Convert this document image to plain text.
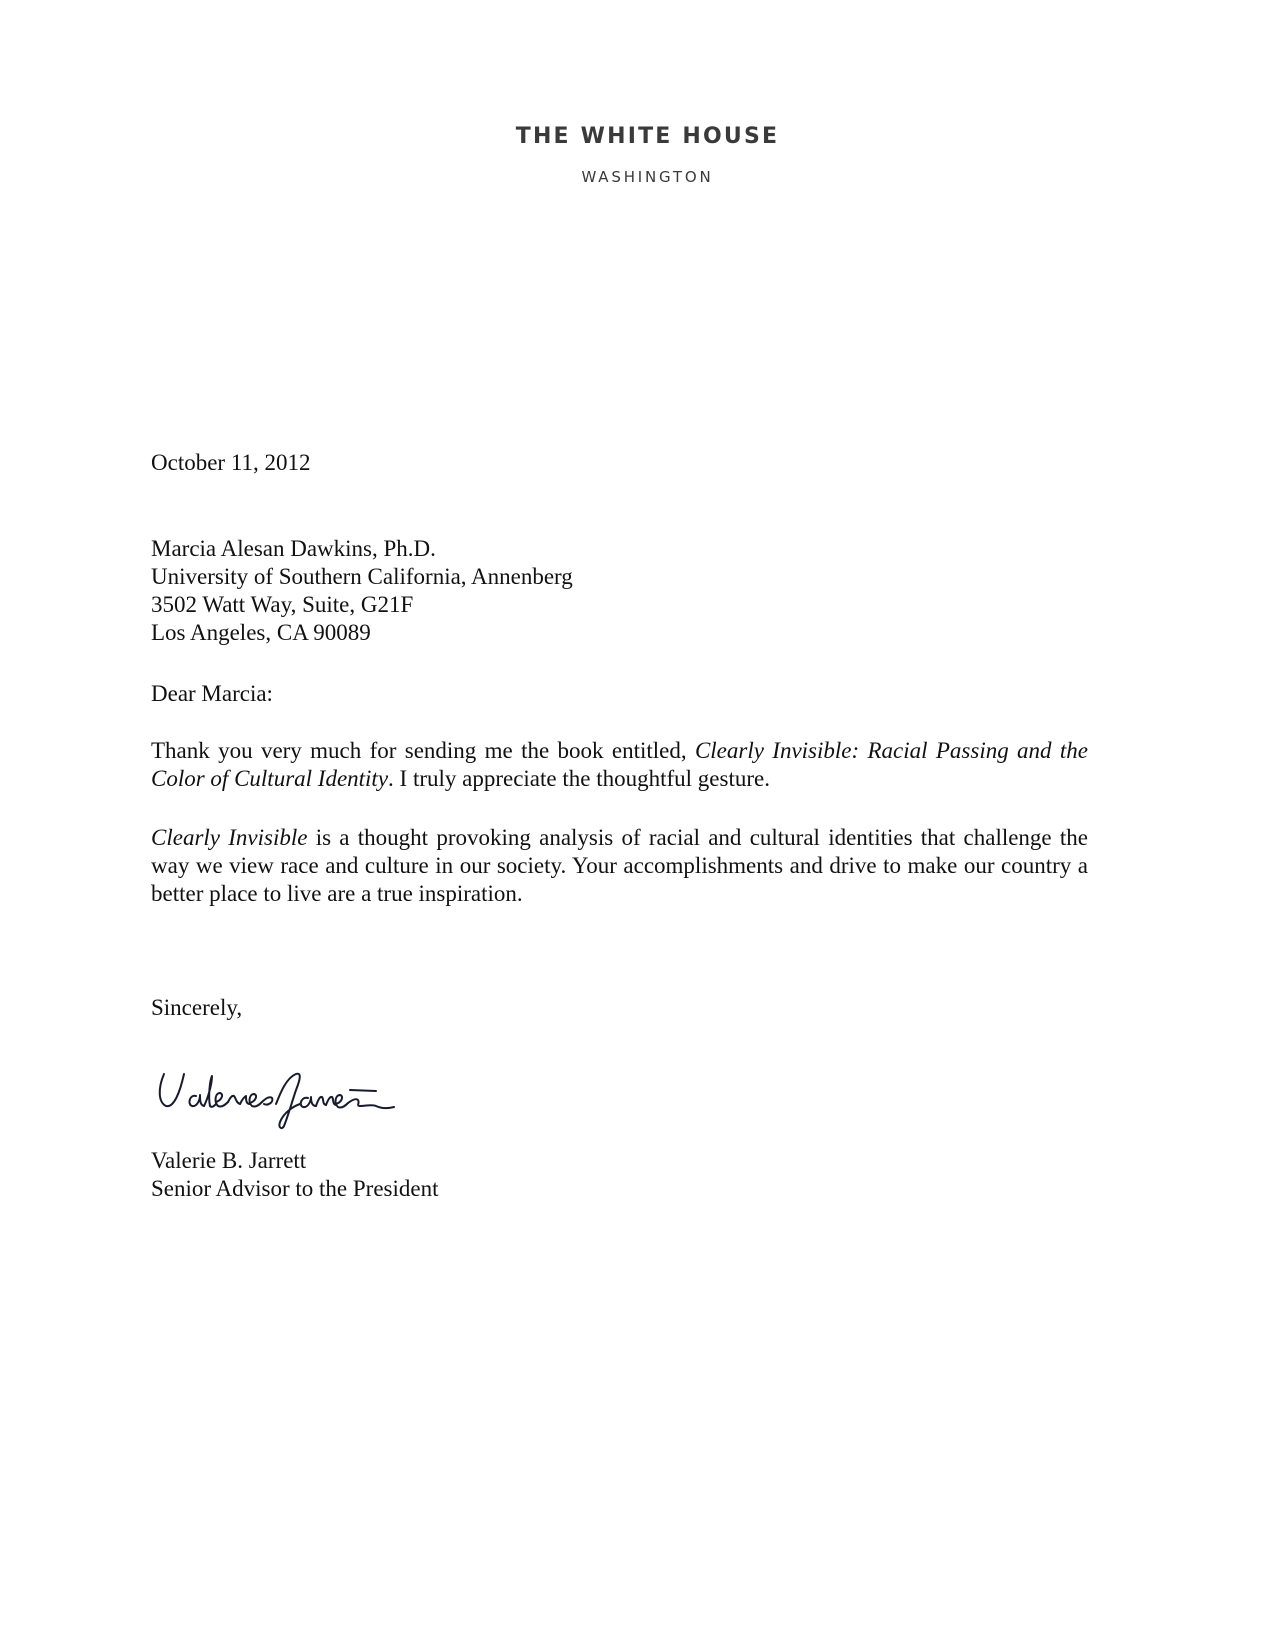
THE WHITE HOUSE
WASHINGTON
October 11, 2012
Marcia Alesan Dawkins, Ph.D.
University of Southern California, Annenberg
3502 Watt Way, Suite, G21F
Los Angeles, CA 90089
Dear Marcia:
Thank you very much for sending me the book entitled, Clearly Invisible: Racial Passing and the Color of Cultural Identity. I truly appreciate the thoughtful gesture.
Clearly Invisible is a thought provoking analysis of racial and cultural identities that challenge the way we view race and culture in our society. Your accomplishments and drive to make our country a better place to live are a true inspiration.
Sincerely,
Valerie B. Jarrett
Senior Advisor to the President
